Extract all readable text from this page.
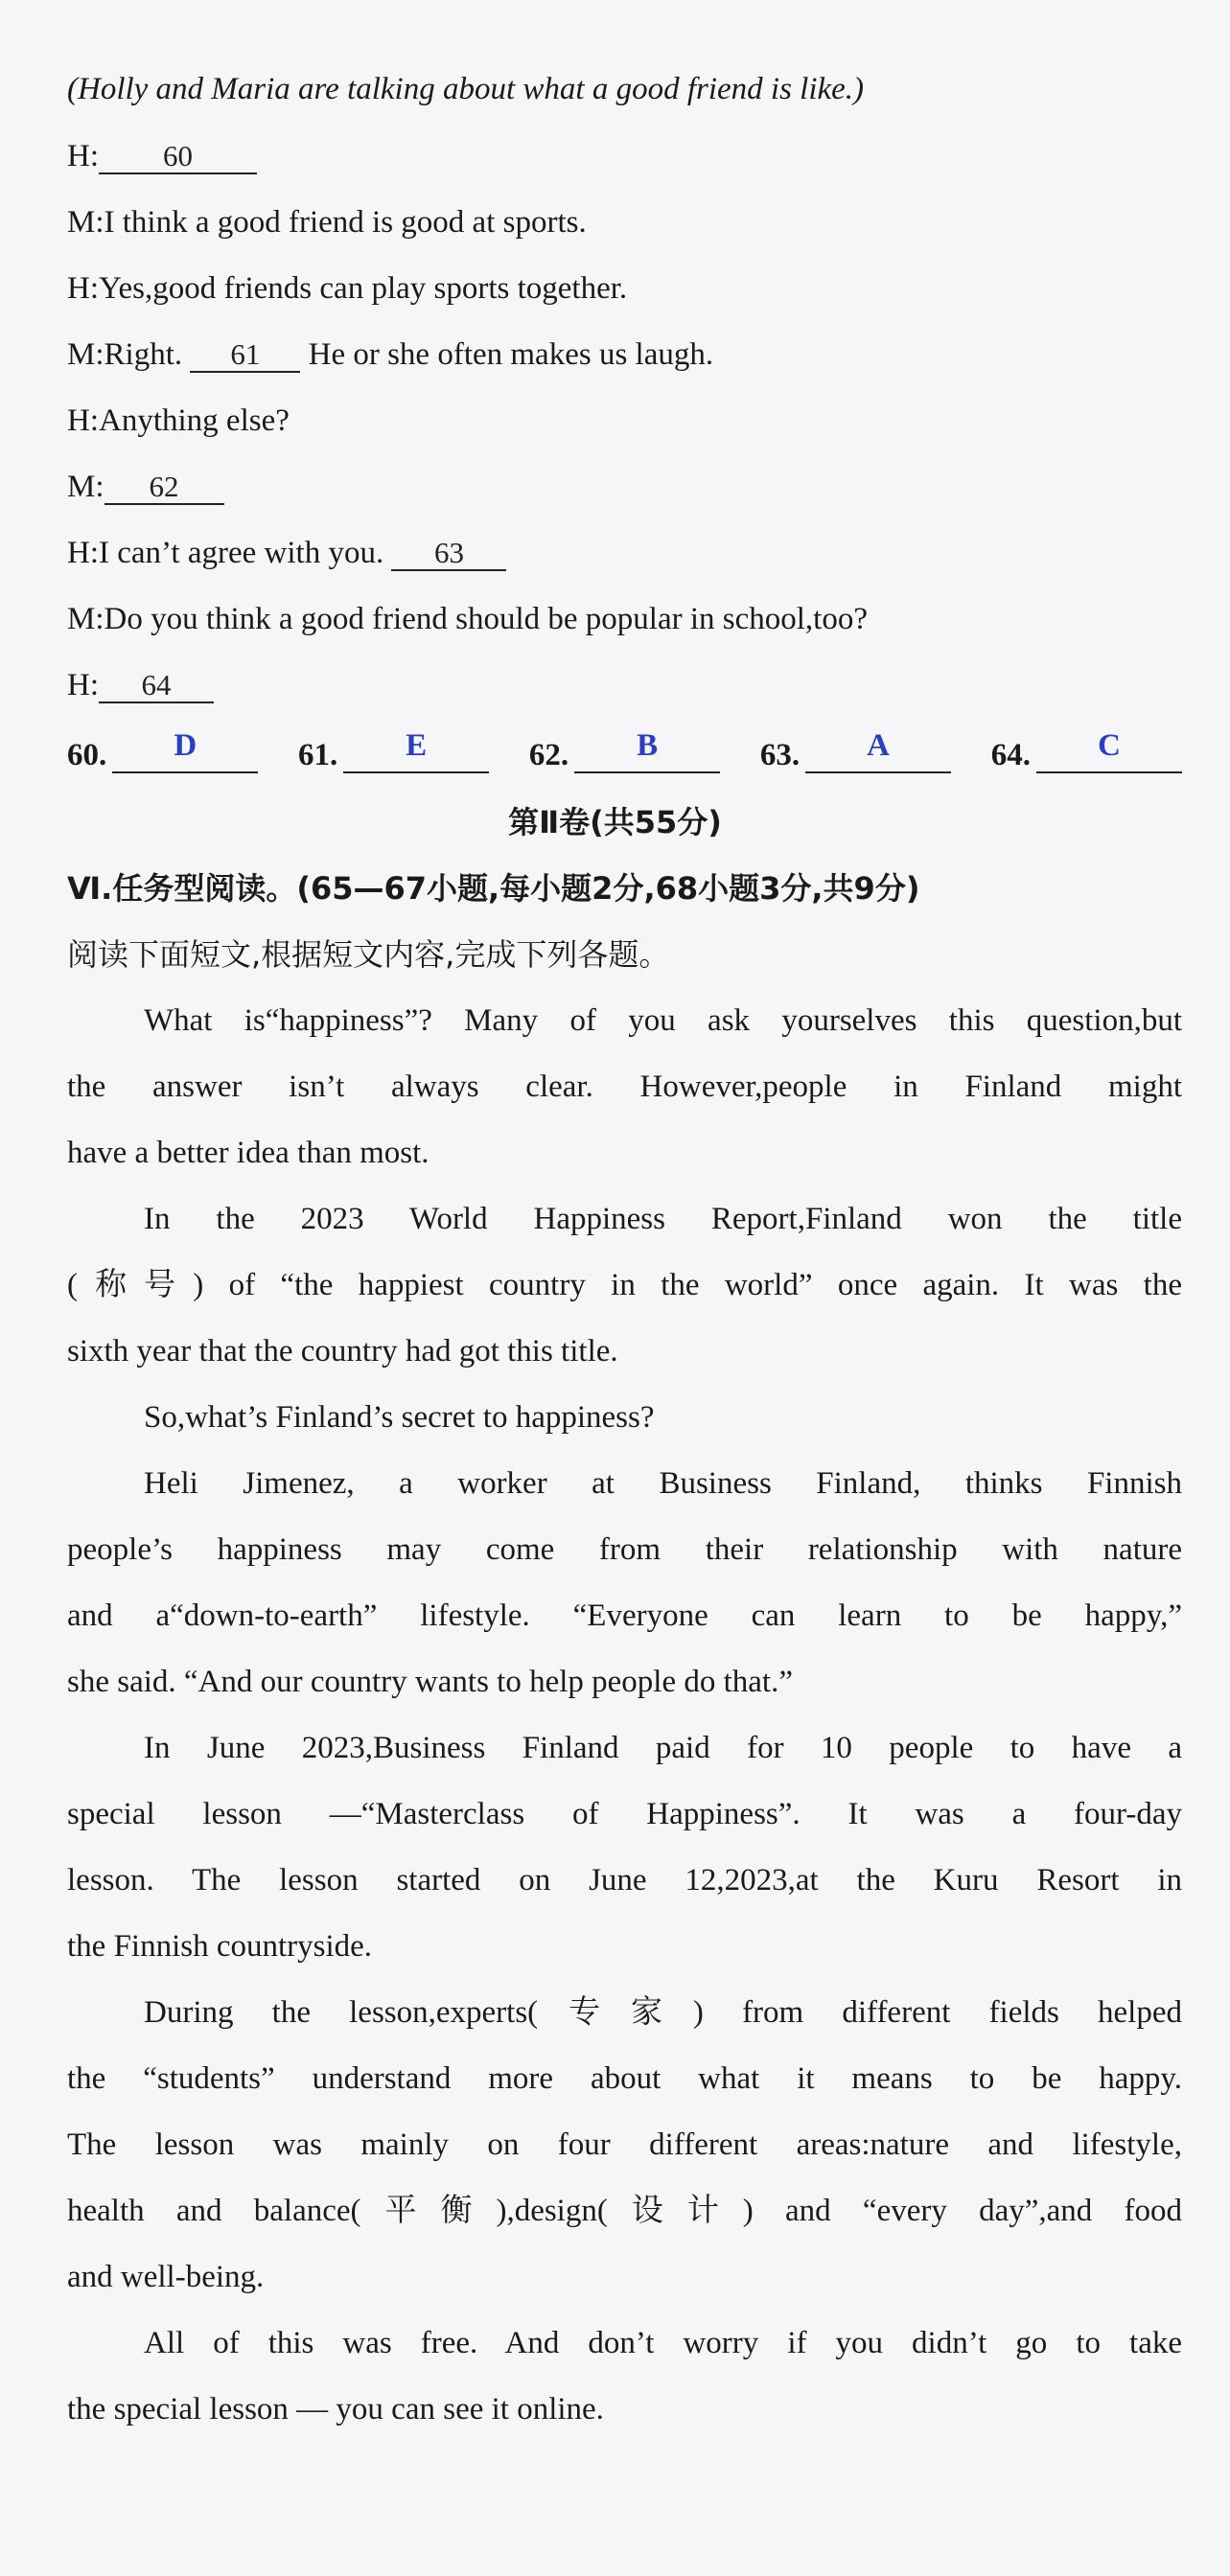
(Holly and Maria are talking about what a good friend is like.)
H: 60
M:I think a good friend is good at sports.
H:Yes,good friends can play sports together.
M:Right. 61 He or she often makes us laugh.
H:Anything else?
M: 62
H:I can’t agree with you. 63
M:Do you think a good friend should be popular in school,too?
H: 64
60.	D	61.	E	62.	B	63.	A	64.	C
第Ⅱ卷(共55分)
Ⅵ.任务型阅读。(65—67小题,每小题2分,68小题3分,共9分)
阅读下面短文,根据短文内容,完成下列各题。
What is“happiness”? Many of you ask yourselves this question,but
the answer isn’t always clear. However,people in Finland might
have a better idea than most.
In the 2023 World Happiness Report,Finland won the title
(称号) of “the happiest country in the world” once again. It was the
sixth year that the country had got this title.
So,what’s Finland’s secret to happiness?
Heli Jimenez, a worker at Business Finland, thinks Finnish
people’s happiness may come from their relationship with nature
and a“down-to-earth” lifestyle. “Everyone can learn to be happy,”
she said. “And our country wants to help people do that.”
In June 2023,Business Finland paid for 10 people to have a
special lesson —“Masterclass of Happiness”. It was a four-day
lesson. The lesson started on June 12,2023,at the Kuru Resort in
the Finnish countryside.
During the lesson,experts(专家) from different fields helped
the “students” understand more about what it means to be happy.
The lesson was mainly on four different areas:nature and lifestyle,
health and balance(平衡),design(设计) and “every day”,and food
and well-being.
All of this was free. And don’t worry if you didn’t go to take
the special lesson — you can see it online.
